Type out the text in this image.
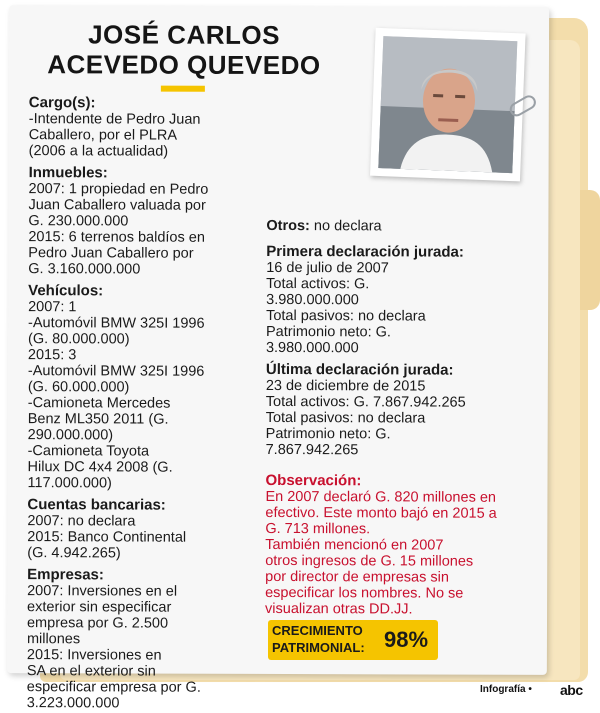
JOSÉ CARLOS
ACEVEDO QUEVEDO
Cargo(s):
-Intendente de Pedro Juan
Caballero, por el PLRA
(2006 a la actualidad)
Inmuebles:
2007: 1 propiedad en Pedro
Juan Caballero valuada por
G. 230.000.000
2015: 6 terrenos baldíos en
Pedro Juan Caballero por
G. 3.160.000.000
Vehículos:
2007: 1
-Automóvil BMW 325I 1996
(G. 80.000.000)
2015: 3
-Automóvil BMW 325I 1996
(G. 60.000.000)
-Camioneta Mercedes
Benz ML350 2011 (G.
290.000.000)
-Camioneta Toyota
Hilux DC 4x4 2008 (G.
117.000.000)
Cuentas bancarias:
2007: no declara
2015: Banco Continental
(G. 4.942.265)
Empresas:
2007: Inversiones en el
exterior sin especificar
empresa por G. 2.500
millones
2015: Inversiones en
SA en el exterior sin
especificar empresa por G.
3.223.000.000
Otros: no declara
Primera declaración jurada:
16 de julio de 2007
Total activos: G.
3.980.000.000
Total pasivos: no declara
Patrimonio neto: G.
3.980.000.000
Última declaración jurada:
23 de diciembre de 2015
Total activos: G. 7.867.942.265
Total pasivos: no declara
Patrimonio neto: G.
7.867.942.265
Observación:
En 2007 declaró G. 820 millones en
efectivo. Este monto bajó en 2015 a
G. 713 millones.
También mencionó en 2007
otros ingresos de G. 15 millones
por director de empresas sin
especificar los nombres. No se
visualizan otras DD.JJ.
CRECIMIENTO
PATRIMONIAL: 98%
Infografía • abc
